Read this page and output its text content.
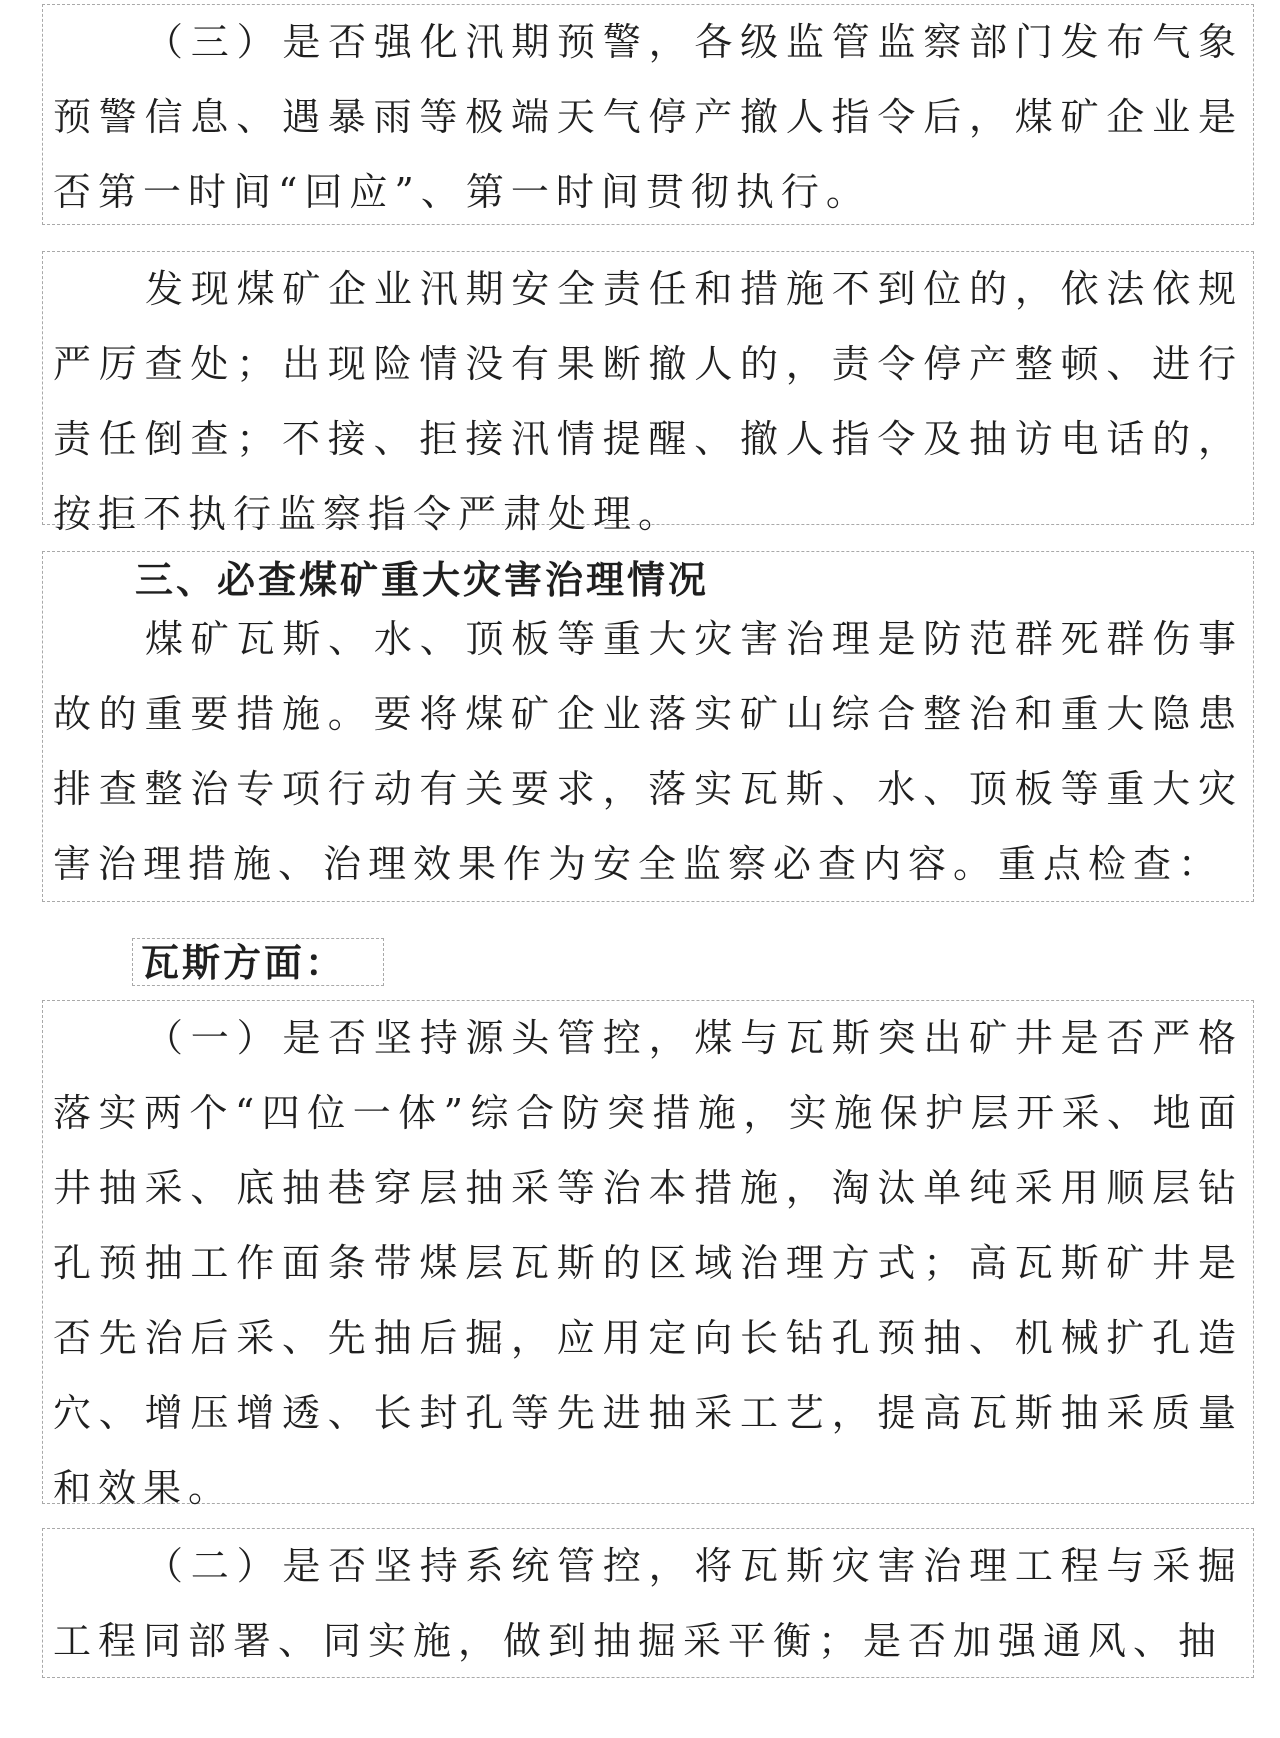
（三）是否强化汛期预警，各级监管监察部门发布气象预警信息、遇暴雨等极端天气停产撤人指令后，煤矿企业是否第一时间“回应”、第一时间贯彻执行。

发现煤矿企业汛期安全责任和措施不到位的，依法依规严厉查处；出现险情没有果断撤人的，责令停产整顿、进行责任倒查；不接、拒接汛情提醒、撤人指令及抽访电话的，按拒不执行监察指令严肃处理。

三、必查煤矿重大灾害治理情况

煤矿瓦斯、水、顶板等重大灾害治理是防范群死群伤事故的重要措施。要将煤矿企业落实矿山综合整治和重大隐患排查整治专项行动有关要求，落实瓦斯、水、顶板等重大灾害治理措施、治理效果作为安全监察必查内容。重点检查：

瓦斯方面：

（一）是否坚持源头管控，煤与瓦斯突出矿井是否严格落实两个“四位一体”综合防突措施，实施保护层开采、地面井抽采、底抽巷穿层抽采等治本措施，淘汰单纯采用顺层钻孔预抽工作面条带煤层瓦斯的区域治理方式；高瓦斯矿井是否先治后采、先抽后掘，应用定向长钻孔预抽、机械扩孔造穴、增压增透、长封孔等先进抽采工艺，提高瓦斯抽采质量和效果。

（二）是否坚持系统管控，将瓦斯灾害治理工程与采掘工程同部署、同实施，做到抽掘采平衡；是否加强通风、抽
